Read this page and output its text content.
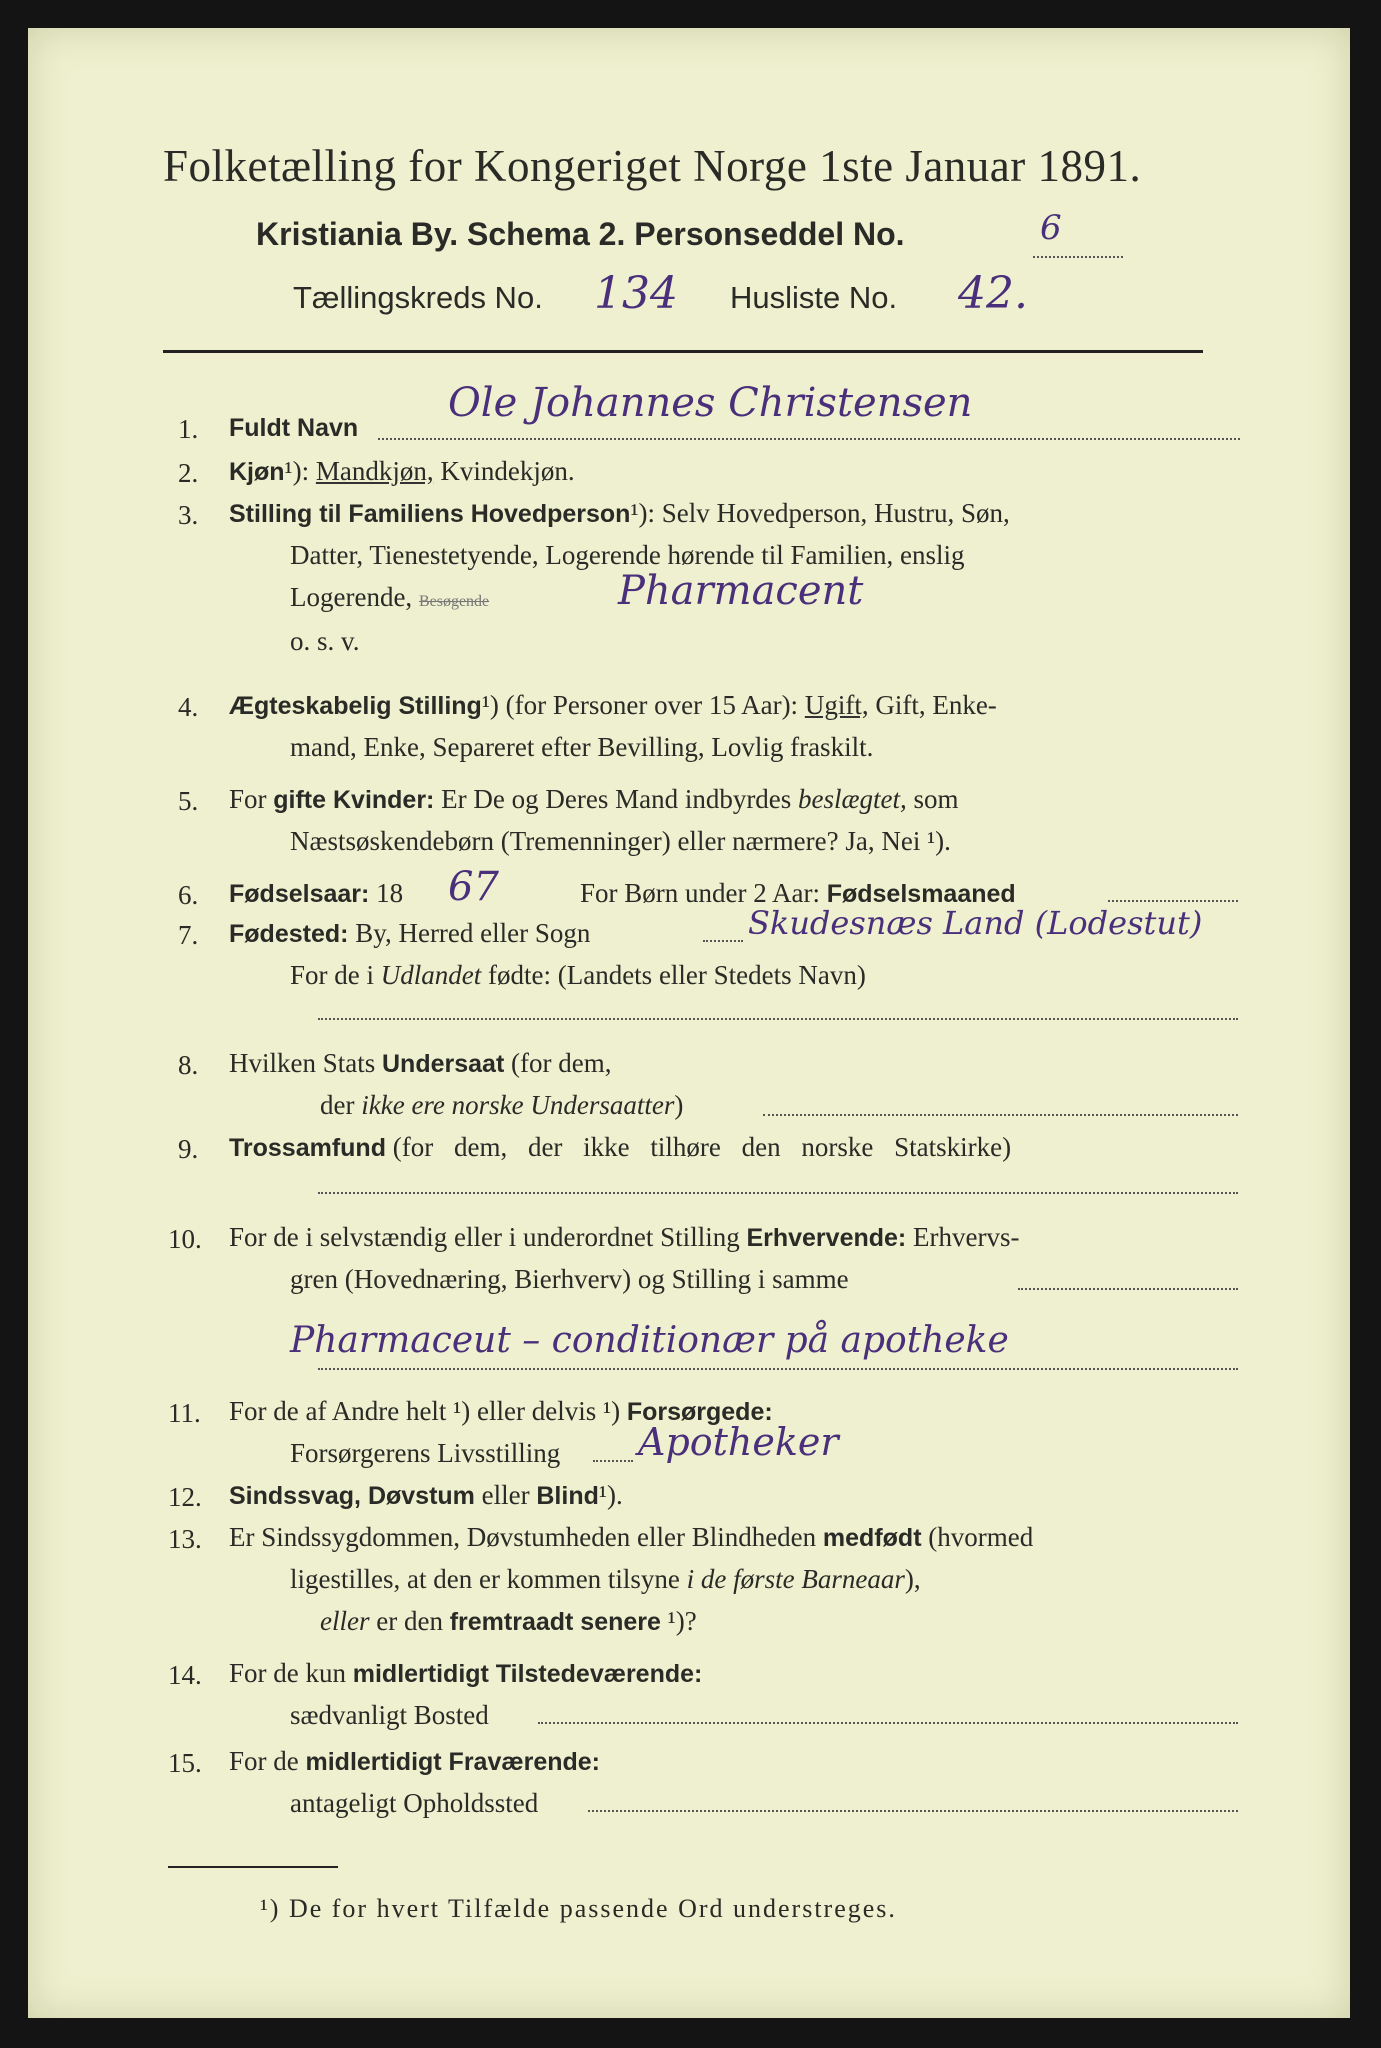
Folketælling for Kongeriget Norge 1ste Januar 1891.
Kristiania By. Schema 2. Personseddel No.	6
Tællingskreds No. 134 Husliste No. 42.
1. Fuldt Navn
Ole Johannes Christensen
2. Kjøn¹): Mandkjøn, Kvindekjøn.
3. Stilling til Familiens Hovedperson¹): Selv Hovedperson, Hustru, Søn,
Datter, Tienestetyende, Logerende hørende til Familien, enslig
Logerende, Besøgende	Pharmacent
o. s. v.
4. Ægteskabelig Stilling¹) (for Personer over 15 Aar): Ugift, Gift, Enke-
mand, Enke, Separeret efter Bevilling, Lovlig fraskilt.
5. For gifte Kvinder: Er De og Deres Mand indbyrdes beslægtet, som
Næstsøskendebørn (Tremenninger) eller nærmere? Ja, Nei ¹).
6. Fødselsaar: 18 67	For Børn under 2 Aar: Fødselsmaaned
7. Fødested: By, Herred eller Sogn	Skudesnæs Land (Lodestut)
For de i Udlandet fødte: (Landets eller Stedets Navn)
8. Hvilken Stats Undersaat (for dem,
der ikke ere norske Undersaatter)
9. Trossamfund (for dem, der ikke tilhøre den norske Statskirke)
10. For de i selvstændig eller i underordnet Stilling Erhvervende: Erhvervs-
gren (Hovednæring, Bierhverv) og Stilling i samme
Pharmaceut – conditionær på apotheke
11. For de af Andre helt ¹) eller delvis ¹) Forsørgede:
Forsørgerens Livsstilling Apotheker
12. Sindssvag, Døvstum eller Blind¹).
13. Er Sindssygdommen, Døvstumheden eller Blindheden medfødt (hvormed
ligestilles, at den er kommen tilsyne i de første Barneaar),
eller er den fremtraadt senere ¹)?
14. For de kun midlertidigt Tilstedeværende:
sædvanligt Bosted
15. For de midlertidigt Fraværende:
antageligt Opholdssted
¹) De for hvert Tilfælde passende Ord understreges.
